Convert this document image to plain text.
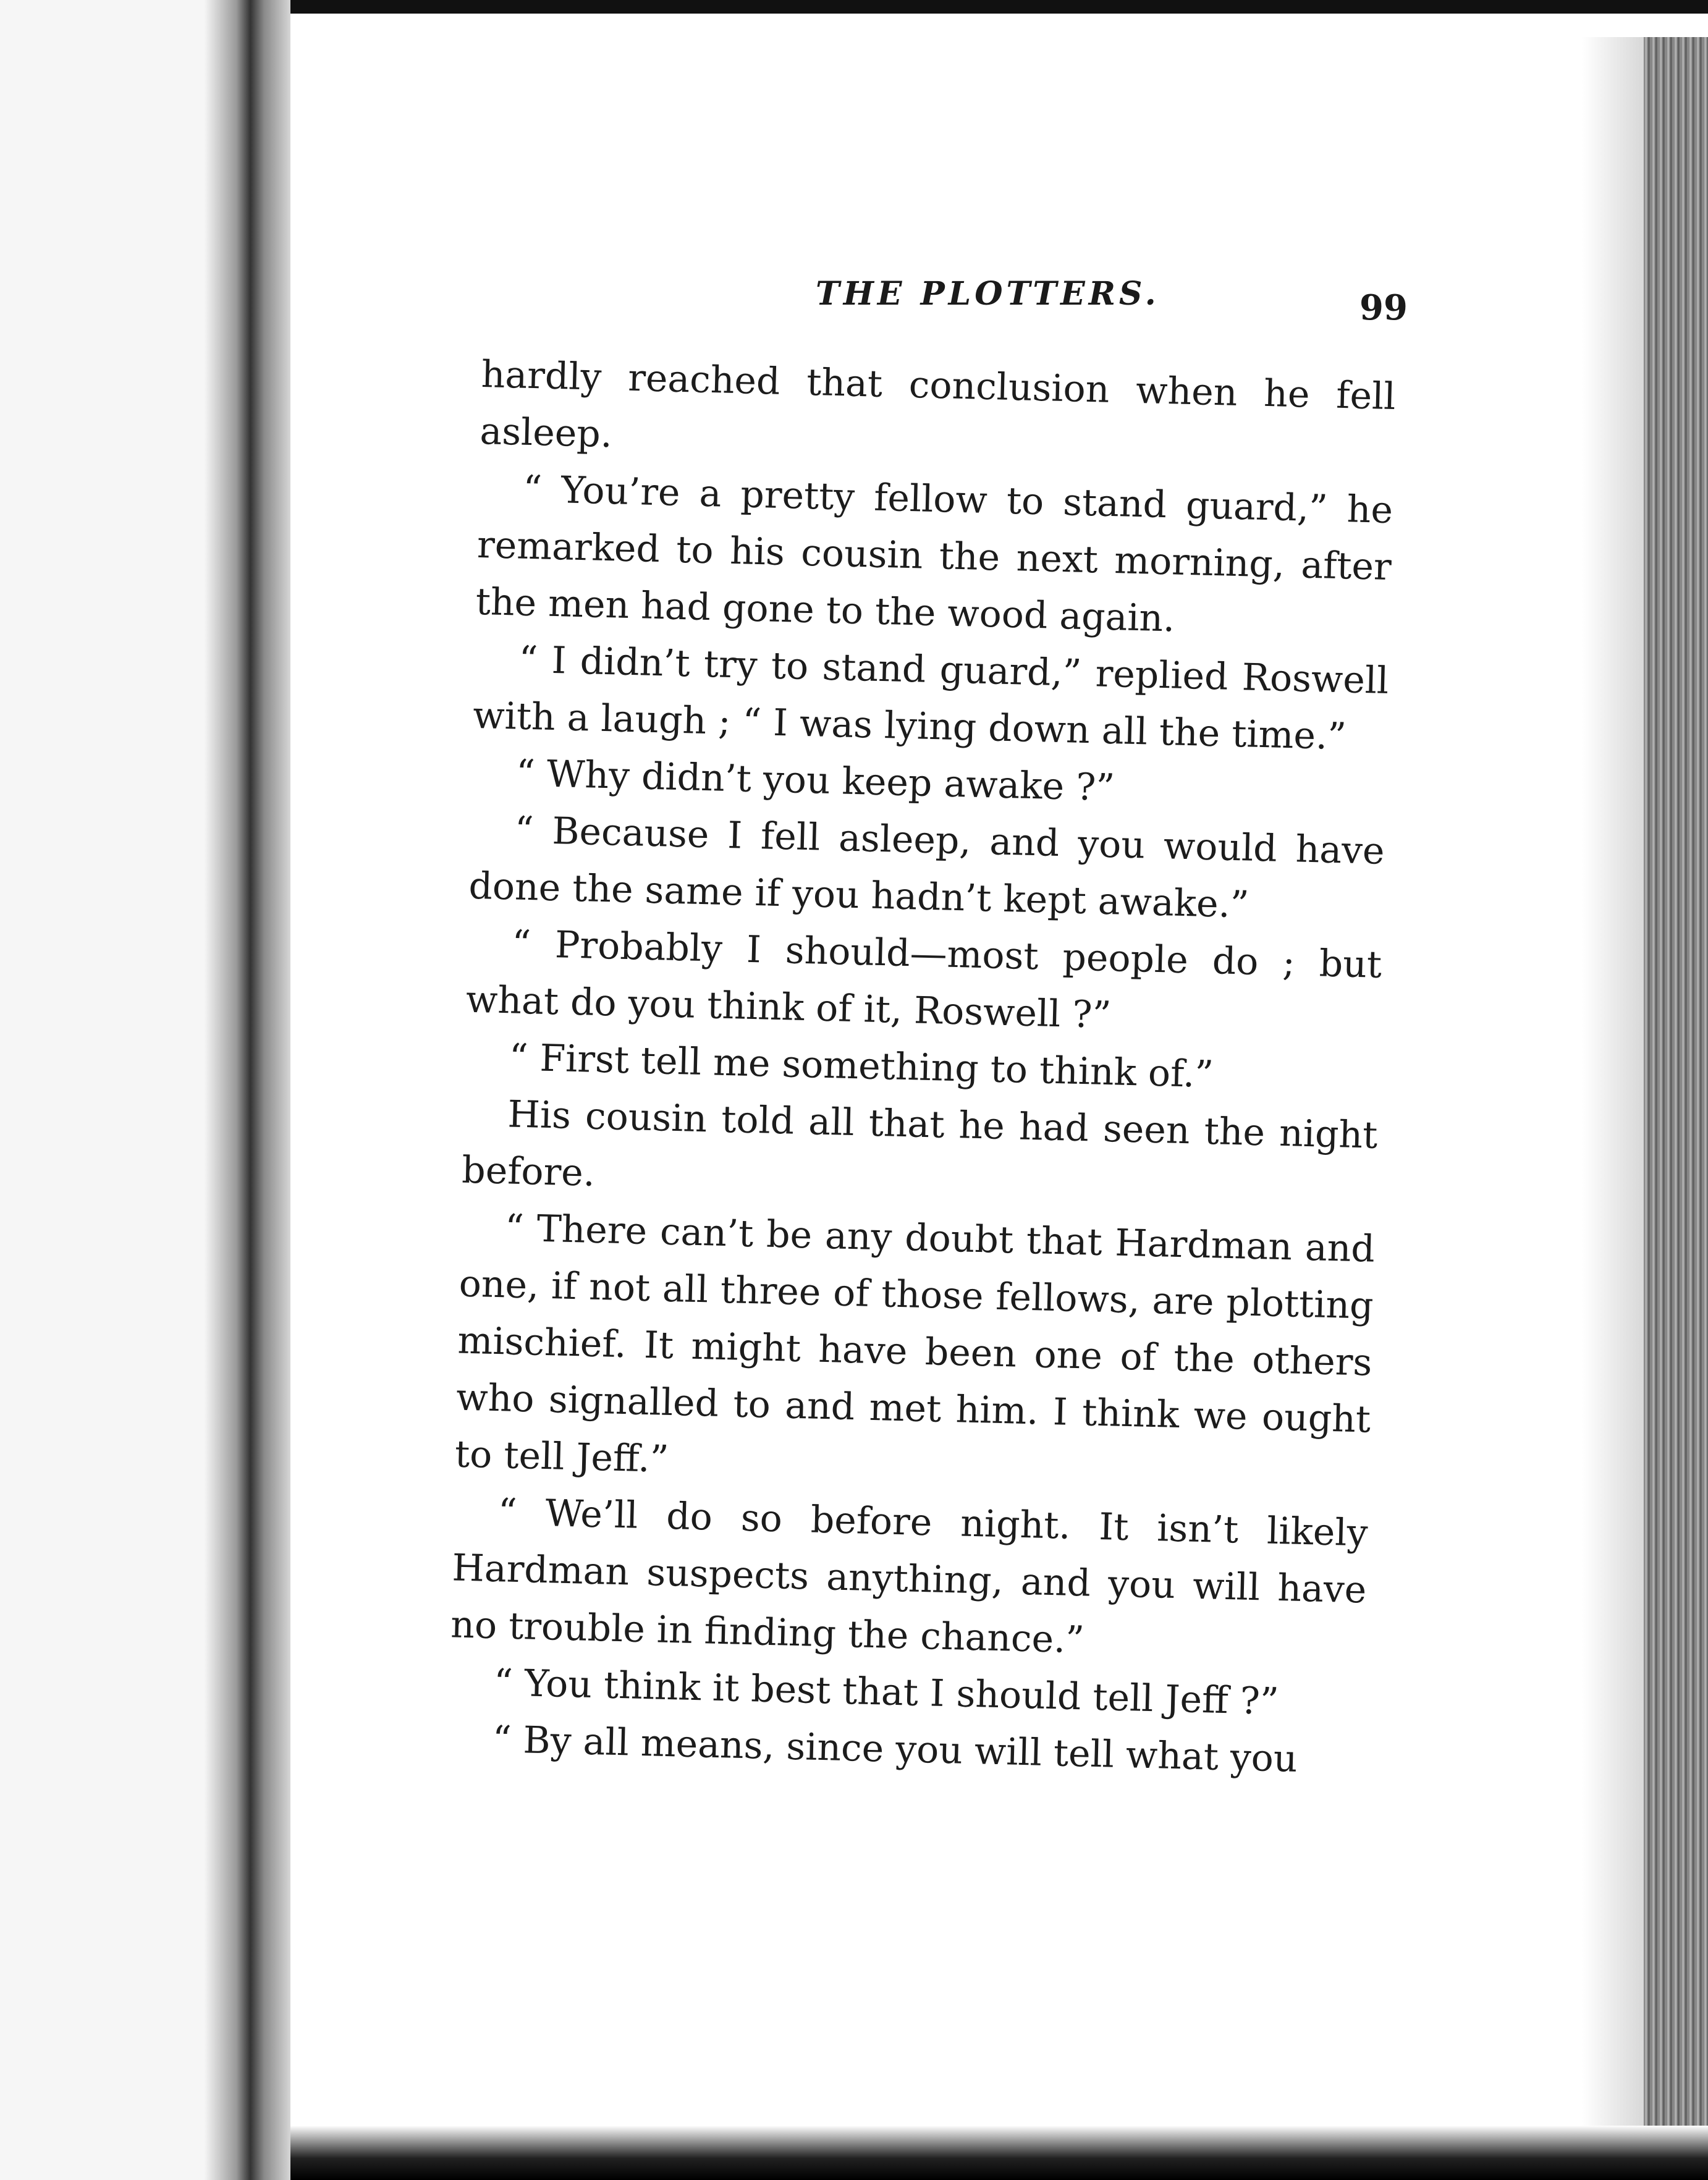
THE PLOTTERS.	99

hardly reached that conclusion when he fell asleep.

“ You’re a pretty fellow to stand guard,” he remarked to his cousin the next morning, after the men had gone to the wood again.

“ I didn’t try to stand guard,” replied Roswell with a laugh ; “ I was lying down all the time.”

“ Why didn’t you keep awake ?”

“ Because I fell asleep, and you would have done the same if you hadn’t kept awake.”

“ Probably I should—most people do ; but what do you think of it, Roswell ?”

“ First tell me something to think of.”

His cousin told all that he had seen the night before.

“ There can’t be any doubt that Hardman and one, if not all three of those fellows, are plotting mischief. It might have been one of the others who signalled to and met him. I think we ought to tell Jeff.”

“ We’ll do so before night. It isn’t likely Hardman suspects anything, and you will have no trouble in finding the chance.”

“ You think it best that I should tell Jeff ?”

“ By all means, since you will tell what you
